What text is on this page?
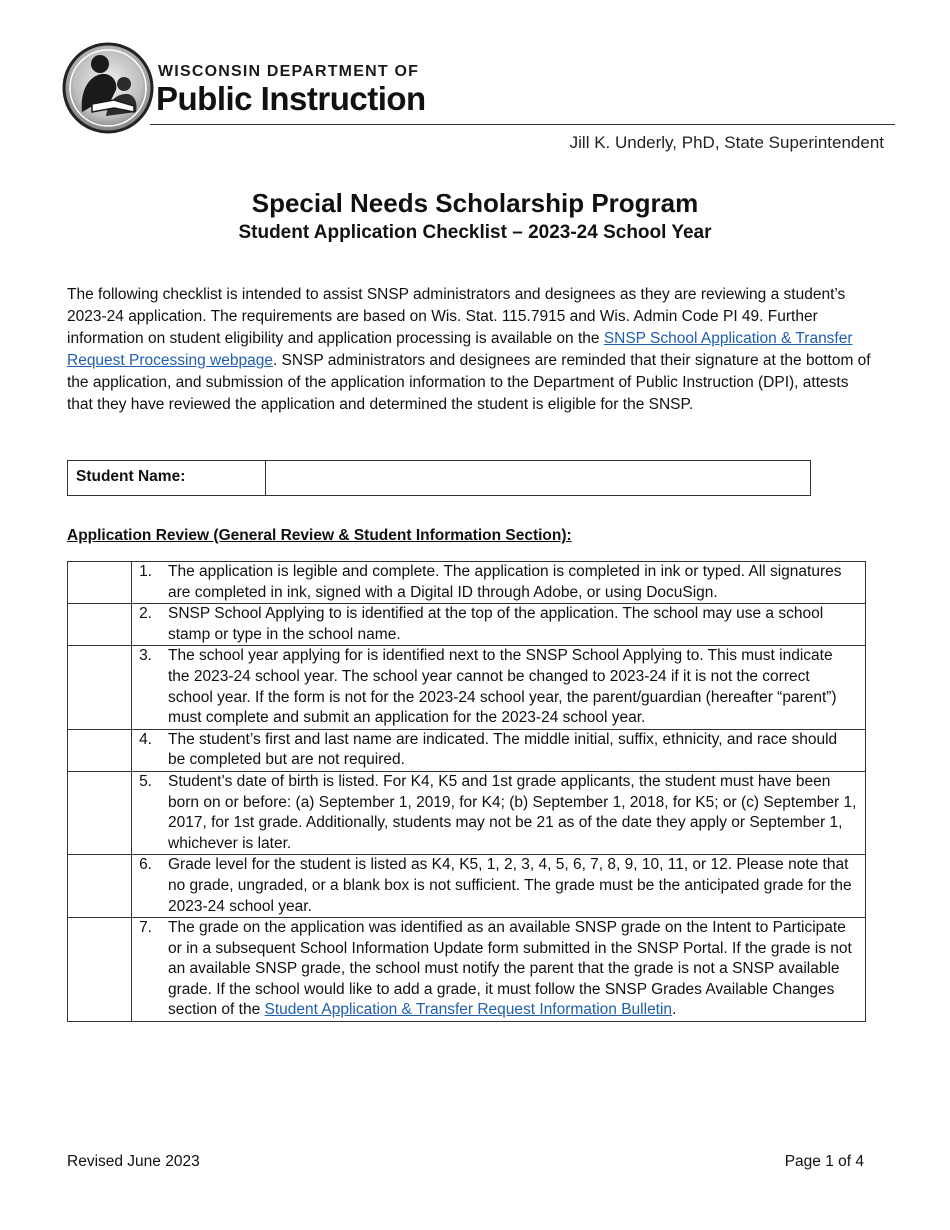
WISCONSIN DEPARTMENT OF
Public Instruction
Jill K. Underly, PhD, State Superintendent
Special Needs Scholarship Program
Student Application Checklist – 2023-24 School Year

The following checklist is intended to assist SNSP administrators and designees as they are reviewing a student’s 2023-24 application. The requirements are based on Wis. Stat. 115.7915 and Wis. Admin Code PI 49. Further information on student eligibility and application processing is available on the SNSP School Application & Transfer Request Processing webpage. SNSP administrators and designees are reminded that their signature at the bottom of the application, and submission of the application information to the Department of Public Instruction (DPI), attests that they have reviewed the application and determined the student is eligible for the SNSP.

Student Name:
Application Review (General Review & Student Information Section):

	1. The application is legible and complete. The application is completed in ink or typed. All signatures are completed in ink, signed with a Digital ID through Adobe, or using DocuSign.

	2. SNSP School Applying to is identified at the top of the application. The school may use a school stamp or type in the school name.

	3. The school year applying for is identified next to the SNSP School Applying to. This must indicate the 2023-24 school year. The school year cannot be changed to 2023-24 if it is not the correct school year. If the form is not for the 2023-24 school year, the parent/guardian (hereafter “parent”) must complete and submit an application for the 2023-24 school year.

	4. The student’s first and last name are indicated. The middle initial, suffix, ethnicity, and race should be completed but are not required.

	5. Student’s date of birth is listed. For K4, K5 and 1st grade applicants, the student must have been born on or before: (a) September 1, 2019, for K4; (b) September 1, 2018, for K5; or (c) September 1, 2017, for 1st grade. Additionally, students may not be 21 as of the date they apply or September 1, whichever is later.

	6. Grade level for the student is listed as K4, K5, 1, 2, 3, 4, 5, 6, 7, 8, 9, 10, 11, or 12. Please note that no grade, ungraded, or a blank box is not sufficient. The grade must be the anticipated grade for the 2023-24 school year.

	7. The grade on the application was identified as an available SNSP grade on the Intent to Participate or in a subsequent School Information Update form submitted in the SNSP Portal. If the grade is not an available SNSP grade, the school must notify the parent that the grade is not a SNSP available grade. If the school would like to add a grade, it must follow the SNSP Grades Available Changes section of the Student Application & Transfer Request Information Bulletin.
Revised June 2023	Page 1 of 4
